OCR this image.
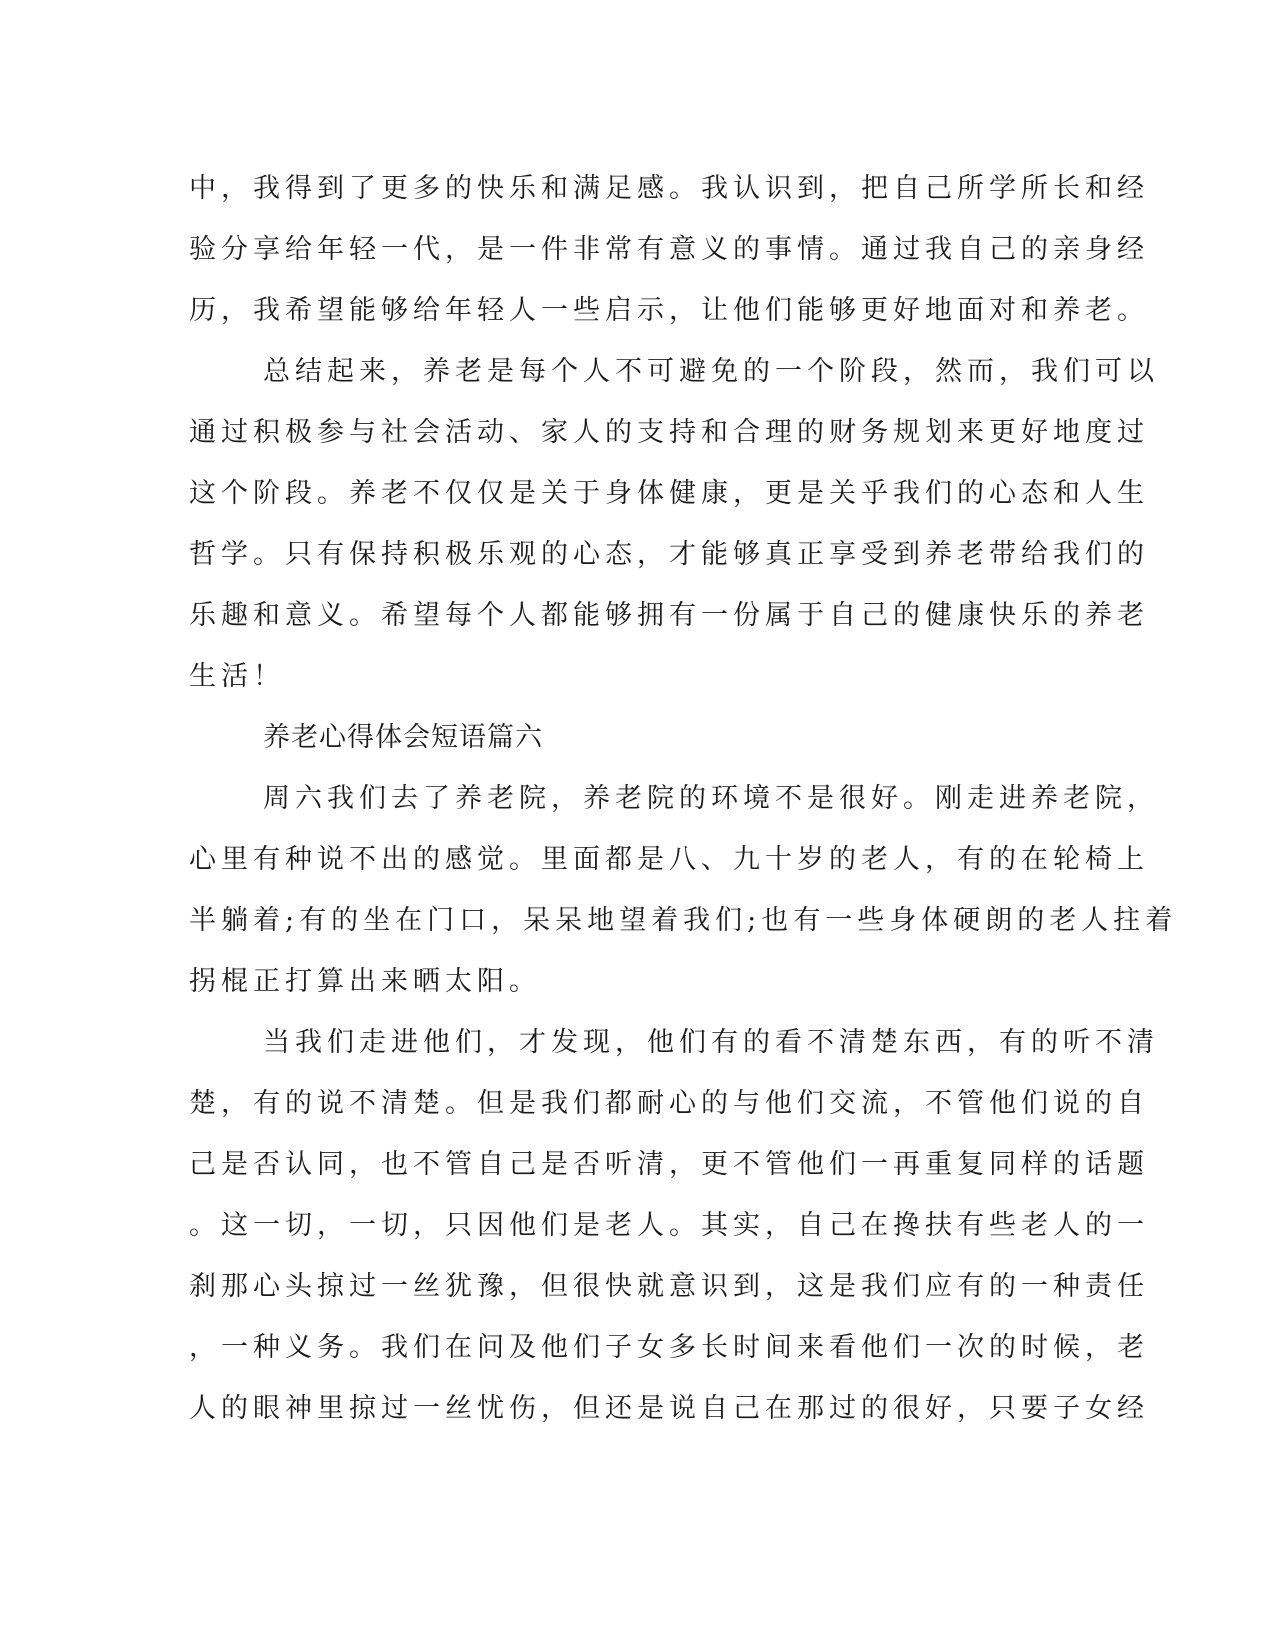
中，我得到了更多的快乐和满足感。我认识到，把自己所学所长和经
验分享给年轻一代，是一件非常有意义的事情。通过我自己的亲身经
历，我希望能够给年轻人一些启示，让他们能够更好地面对和养老。
总结起来，养老是每个人不可避免的一个阶段，然而，我们可以
通过积极参与社会活动、家人的支持和合理的财务规划来更好地度过
这个阶段。养老不仅仅是关于身体健康，更是关乎我们的心态和人生
哲学。只有保持积极乐观的心态，才能够真正享受到养老带给我们的
乐趣和意义。希望每个人都能够拥有一份属于自己的健康快乐的养老
生活！
养老心得体会短语篇六
周六我们去了养老院，养老院的环境不是很好。刚走进养老院，
心里有种说不出的感觉。里面都是八、九十岁的老人，有的在轮椅上
半躺着;有的坐在门口，呆呆地望着我们;也有一些身体硬朗的老人拄着
拐棍正打算出来晒太阳。
当我们走进他们，才发现，他们有的看不清楚东西，有的听不清
楚，有的说不清楚。但是我们都耐心的与他们交流，不管他们说的自
己是否认同，也不管自己是否听清，更不管他们一再重复同样的话题
。这一切，一切，只因他们是老人。其实，自己在搀扶有些老人的一
刹那心头掠过一丝犹豫，但很快就意识到，这是我们应有的一种责任
，一种义务。我们在问及他们子女多长时间来看他们一次的时候，老
人的眼神里掠过一丝忧伤，但还是说自己在那过的很好，只要子女经
